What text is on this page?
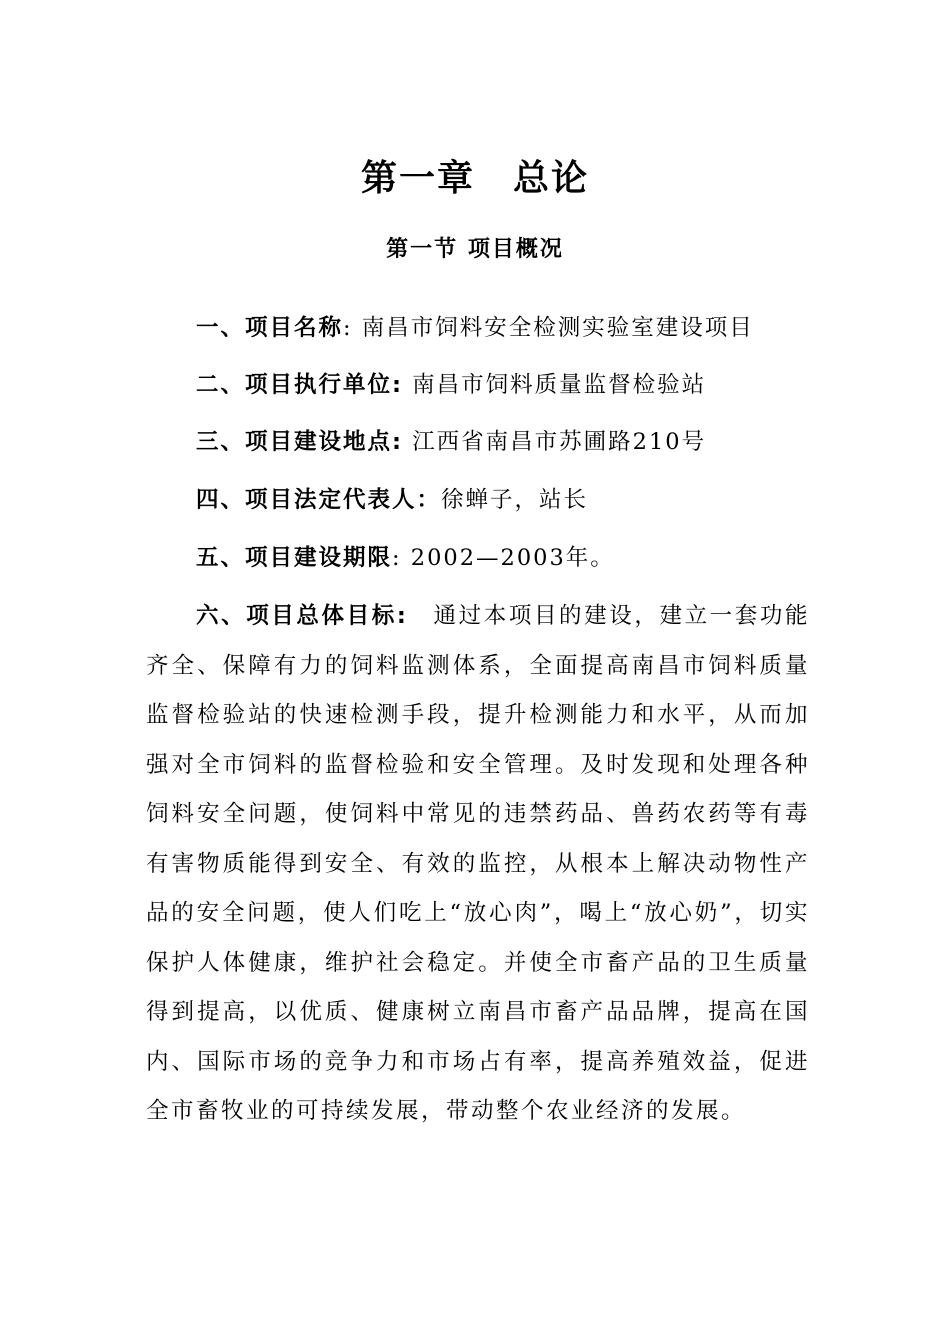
第一章　总论
第一节 项目概况
一、项目名称: 南昌市饲料安全检测实验室建设项目
二、项目执行单位: 南昌市饲料质量监督检验站
三、项目建设地点: 江西省南昌市苏圃路210号
四、项目法定代表人：徐蝉子，站长
五、项目建设期限: 2002—2003年。
六、项目总体目标:　通过本项目的建设，建立一套功能齐全、保障有力的饲料监测体系，全面提高南昌市饲料质量监督检验站的快速检测手段，提升检测能力和水平，从而加强对全市饲料的监督检验和安全管理。及时发现和处理各种饲料安全问题，使饲料中常见的违禁药品、兽药农药等有毒有害物质能得到安全、有效的监控，从根本上解决动物性产品的安全问题，使人们吃上“放心肉”，喝上“放心奶”，切实保护人体健康，维护社会稳定。并使全市畜产品的卫生质量得到提高，以优质、健康树立南昌市畜产品品牌，提高在国内、国际市场的竞争力和市场占有率，提高养殖效益，促进全市畜牧业的可持续发展，带动整个农业经济的发展。
